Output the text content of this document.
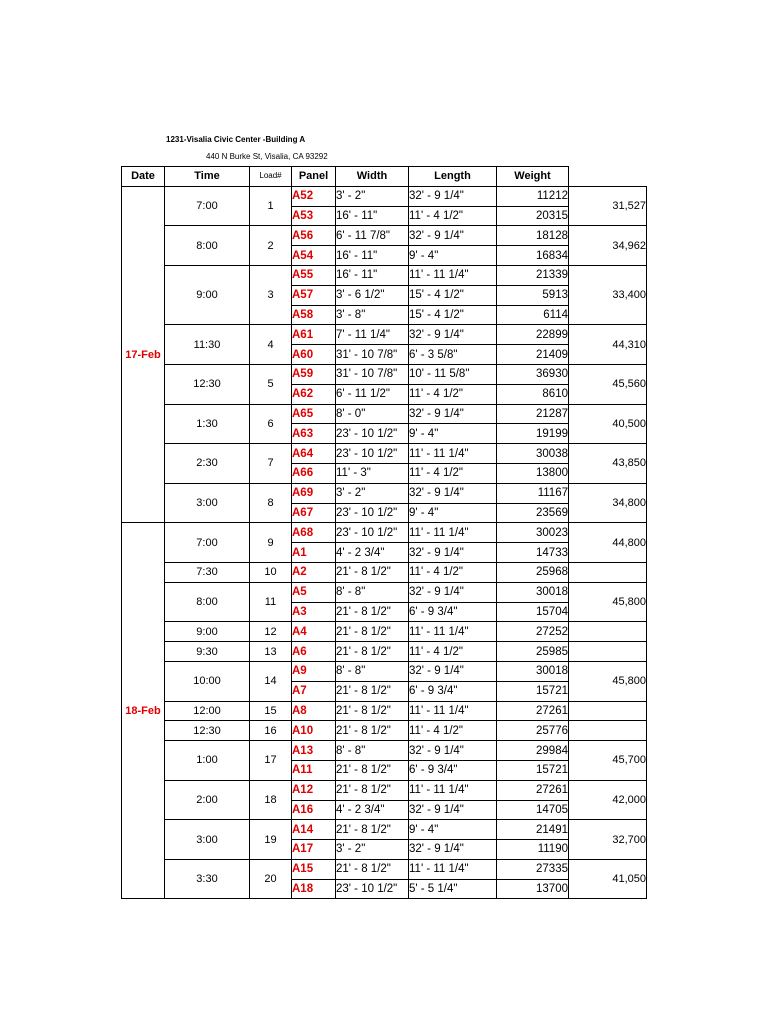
1231-Visalia Civic Center -Building A
440 N Burke St, Visalia, CA 93292
Date	Time	Load#	Panel	Width	Length	Weight	
17-Feb	7:00	1	A52	3' - 2"	32' - 9 1/4"	11212	31,527
			A53	16' - 11"	11' - 4 1/2"	20315	
	8:00	2	A56	6' - 11 7/8"	32' - 9 1/4"	18128	34,962
			A54	16' - 11"	9' - 4"	16834	
	9:00	3	A55	16' - 11"	11' - 11 1/4"	21339	33,400
			A57	3' - 6 1/2"	15' - 4 1/2"	5913	
			A58	3' - 8"	15' - 4 1/2"	6114	
	11:30	4	A61	7' - 11 1/4"	32' - 9 1/4"	22899	44,310
			A60	31' - 10 7/8"	6' - 3 5/8"	21409	
	12:30	5	A59	31' - 10 7/8"	10' - 11 5/8"	36930	45,560
			A62	6' - 11 1/2"	11' - 4 1/2"	8610	
	1:30	6	A65	8' - 0"	32' - 9 1/4"	21287	40,500
			A63	23' - 10 1/2"	9' - 4"	19199	
	2:30	7	A64	23' - 10 1/2"	11' - 11 1/4"	30038	43,850
			A66	11' - 3"	11' - 4 1/2"	13800	
	3:00	8	A69	3' - 2"	32' - 9 1/4"	11167	34,800
			A67	23' - 10 1/2"	9' - 4"	23569	
18-Feb	7:00	9	A68	23' - 10 1/2"	11' - 11 1/4"	30023	44,800
			A1	4' - 2 3/4"	32' - 9 1/4"	14733	
	7:30	10	A2	21' - 8 1/2"	11' - 4 1/2"	25968	
	8:00	11	A5	8' - 8"	32' - 9 1/4"	30018	45,800
			A3	21' - 8 1/2"	6' - 9 3/4"	15704	
	9:00	12	A4	21' - 8 1/2"	11' - 11 1/4"	27252	
	9:30	13	A6	21' - 8 1/2"	11' - 4 1/2"	25985	
	10:00	14	A9	8' - 8"	32' - 9 1/4"	30018	45,800
			A7	21' - 8 1/2"	6' - 9 3/4"	15721	
	12:00	15	A8	21' - 8 1/2"	11' - 11 1/4"	27261	
	12:30	16	A10	21' - 8 1/2"	11' - 4 1/2"	25776	
	1:00	17	A13	8' - 8"	32' - 9 1/4"	29984	45,700
			A11	21' - 8 1/2"	6' - 9 3/4"	15721	
	2:00	18	A12	21' - 8 1/2"	11' - 11 1/4"	27261	42,000
			A16	4' - 2 3/4"	32' - 9 1/4"	14705	
	3:00	19	A14	21' - 8 1/2"	9' - 4"	21491	32,700
			A17	3' - 2"	32' - 9 1/4"	11190	
	3:30	20	A15	21' - 8 1/2"	11' - 11 1/4"	27335	41,050
			A18	23' - 10 1/2"	5' - 5 1/4"	13700	
